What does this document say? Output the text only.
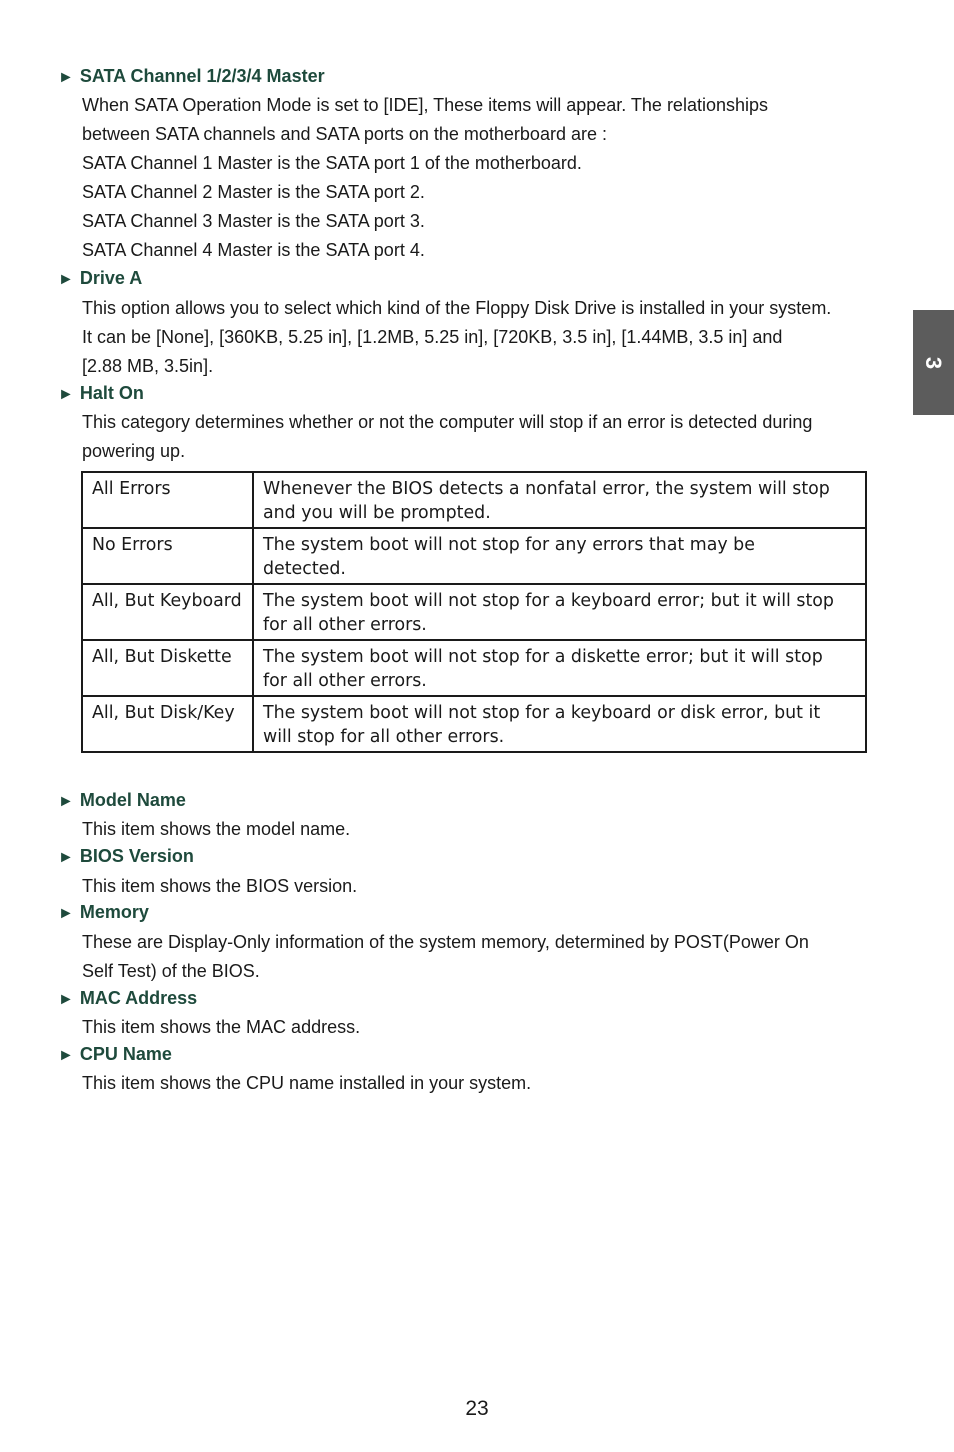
► SATA Channel 1/2/3/4 Master
When SATA Operation Mode is set to [IDE], These items will appear. The relationships
between SATA channels and SATA ports on the motherboard are :
SATA Channel 1 Master is the SATA port 1 of the motherboard.
SATA Channel 2 Master is the SATA port 2.
SATA Channel 3 Master is the SATA port 3.
SATA Channel 4 Master is the SATA port 4.
► Drive A
This option allows you to select which kind of the Floppy Disk Drive is installed in your system.
It can be [None], [360KB, 5.25 in], [1.2MB, 5.25 in], [720KB, 3.5 in], [1.44MB, 3.5 in] and
[2.88 MB, 3.5in].
► Halt On
This category determines whether or not the computer will stop if an error is detected during
powering up.
All Errors	Whenever the BIOS detects a nonfatal error, the system will stop
and you will be prompted.

No Errors	The system boot will not stop for any errors that may be
detected.

All, But Keyboard	The system boot will not stop for a keyboard error; but it will stop
for all other errors.

All, But Diskette	The system boot will not stop for a diskette error; but it will stop
for all other errors.

All, But Disk/Key	The system boot will not stop for a keyboard or disk error, but it
will stop for all other errors.
► Model Name
This item shows the model name.
► BIOS Version
This item shows the BIOS version.
► Memory
These are Display-Only information of the system memory, determined by POST(Power On
Self Test) of the BIOS.
► MAC Address
This item shows the MAC address.
► CPU Name
This item shows the CPU name installed in your system.
3
23
